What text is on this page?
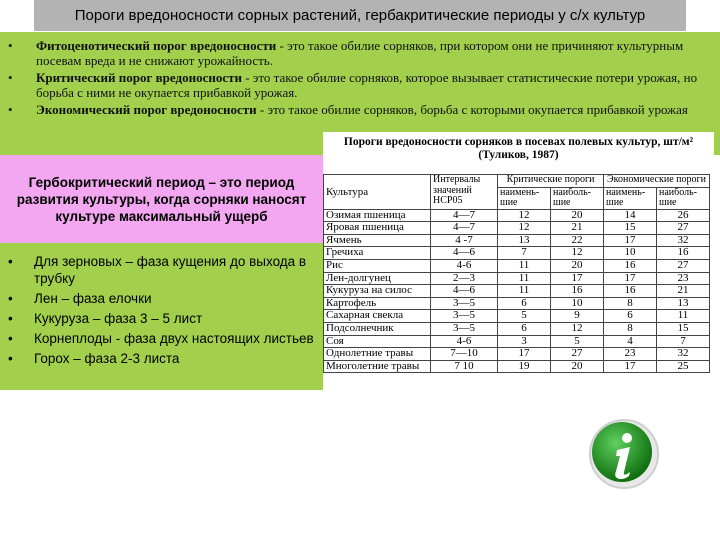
Пороги вредоносности сорных растений, гербакритические периоды у с/х культур
• Фитоценотический порог вредоносности - это такое обилие сорняков, при котором они не причиняют культурным посевам вреда и не снижают урожайность.
• Критический порог вредоносности - это такое обилие сорняков, которое вызывает статистические потери урожая, но борьба с ними не окупается прибавкой урожая.
• Экономический порог вредоносности - это такое обилие сорняков, борьба с которыми окупается прибавкой урожая
Гербокритический период – это период развития культуры, когда сорняки наносят культуре максимальный ущерб
• Для зерновых – фаза кущения до выхода в трубку
• Лен – фаза елочки
• Кукуруза – фаза 3 – 5 лист
• Корнеплоды - фаза двух настоящих листьев
• Горох – фаза 2-3 листа
Пороги вредоносности сорняков в посевах полевых культур, шт/м²
(Туликов, 1987)
Культура	Интервалы значений НСР05	Критические пороги		Экономические пороги	
		наимень-шие	наиболь-шие	наимень-шие	наиболь-шие
Озимая пшеница	4—7	12	20	14	26
Яровая пшеница	4—7	12	21	15	27
Ячмень	4 -7	13	22	17	32
Гречиха	4—6	7	12	10	16
Рис	4-6	11	20	16	27
Лен-долгунец	2—3	11	17	17	23
Кукуруза на силос	4—6	11	16	16	21
Картофель	3—5	6	10	8	13
Сахарная свекла	3—5	5	9	6	11
Подсолнечник	3—5	6	12	8	15
Соя	4-6	3	5	4	7
Однолетние травы	7—10	17	27	23	32
Многолетние травы	7 10	19	20	17	25
